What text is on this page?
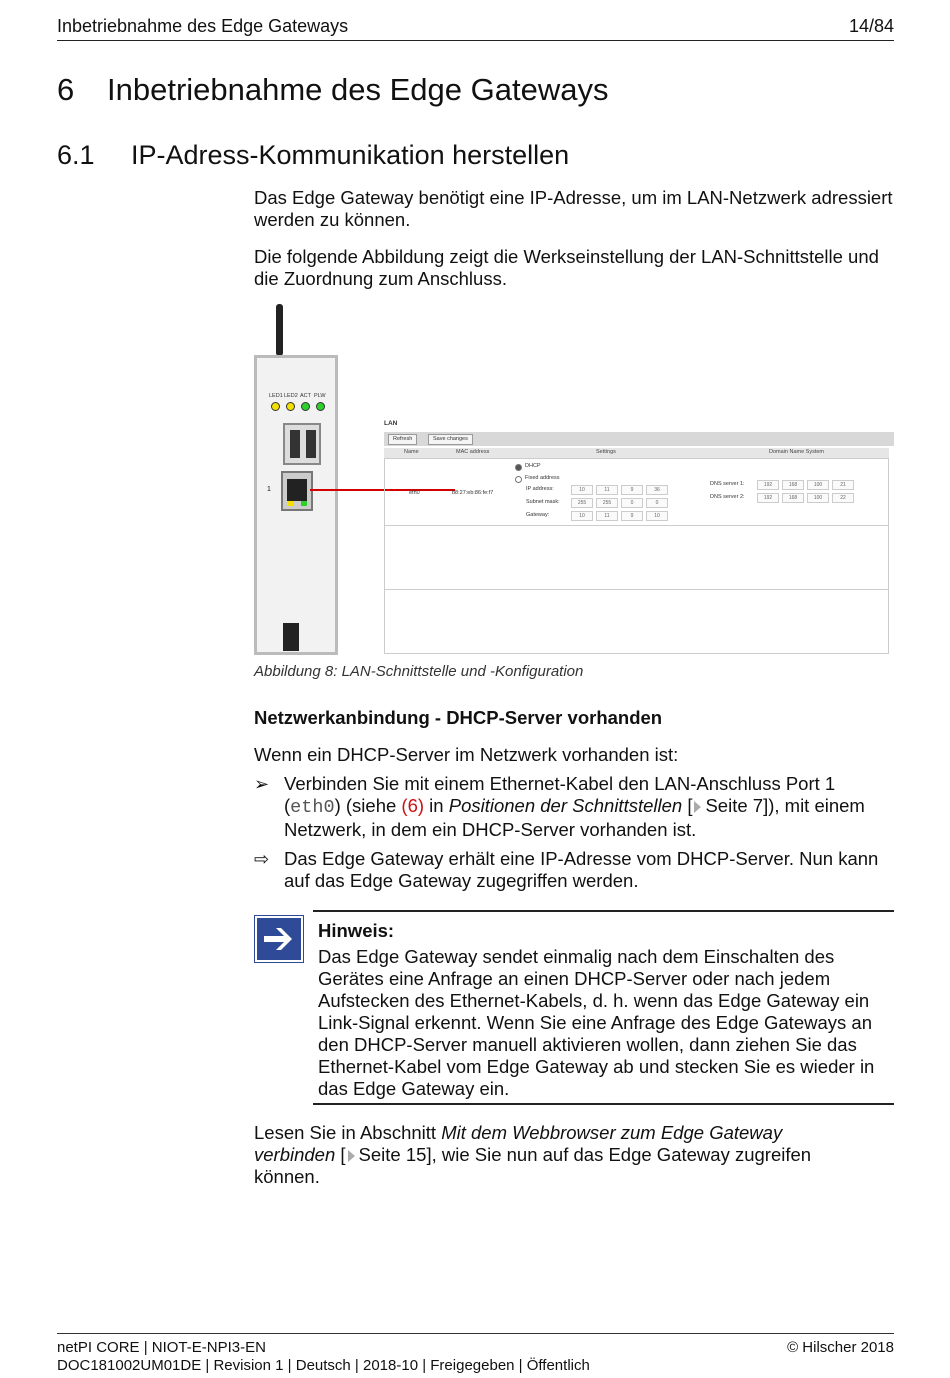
Inbetriebnahme des Edge Gateways	14/84
6 Inbetriebnahme des Edge Gateways
6.1 IP-Adress-Kommunikation herstellen
Das Edge Gateway benötigt eine IP-Adresse, um im LAN-Netzwerk adressiert werden zu können.
Die folgende Abbildung zeigt die Werkseinstellung der LAN-Schnittstelle und die Zuordnung zum Anschluss.
LED1 LED2 ACT PLW
1
LAN
Refresh	Save changes
Name	MAC address	Settings	Domain Name System
eth0	b8:27:eb:86:fe:f7
DHCP
Fixed address
IP address:	10	11	9	36
Subnet mask:	255	255	0	0
Gateway:	10	11	9	10
DNS server 1:	192	168	100	21
DNS server 2:	192	168	100	22
Abbildung 8: LAN-Schnittstelle und -Konfiguration
Netzwerkanbindung - DHCP-Server vorhanden
Wenn ein DHCP-Server im Netzwerk vorhanden ist:
➢ Verbinden Sie mit einem Ethernet-Kabel den LAN-Anschluss Port 1 (eth0) (siehe (6) in Positionen der Schnittstellen [ Seite 7]), mit einem Netzwerk, in dem ein DHCP-Server vorhanden ist.
⇨ Das Edge Gateway erhält eine IP-Adresse vom DHCP-Server. Nun kann auf das Edge Gateway zugegriffen werden.
Hinweis:
Das Edge Gateway sendet einmalig nach dem Einschalten des Gerätes eine Anfrage an einen DHCP-Server oder nach jedem Aufstecken des Ethernet-Kabels, d. h. wenn das Edge Gateway ein Link-Signal erkennt. Wenn Sie eine Anfrage des Edge Gateways an den DHCP-Server manuell aktivieren wollen, dann ziehen Sie das Ethernet-Kabel vom Edge Gateway ab und stecken Sie es wieder in das Edge Gateway ein.
Lesen Sie in Abschnitt Mit dem Webbrowser zum Edge Gateway verbinden [ Seite 15], wie Sie nun auf das Edge Gateway zugreifen können.
netPI CORE | NIOT-E-NPI3-EN	© Hilscher 2018
DOC181002UM01DE | Revision 1 | Deutsch | 2018-10 | Freigegeben | Öffentlich
